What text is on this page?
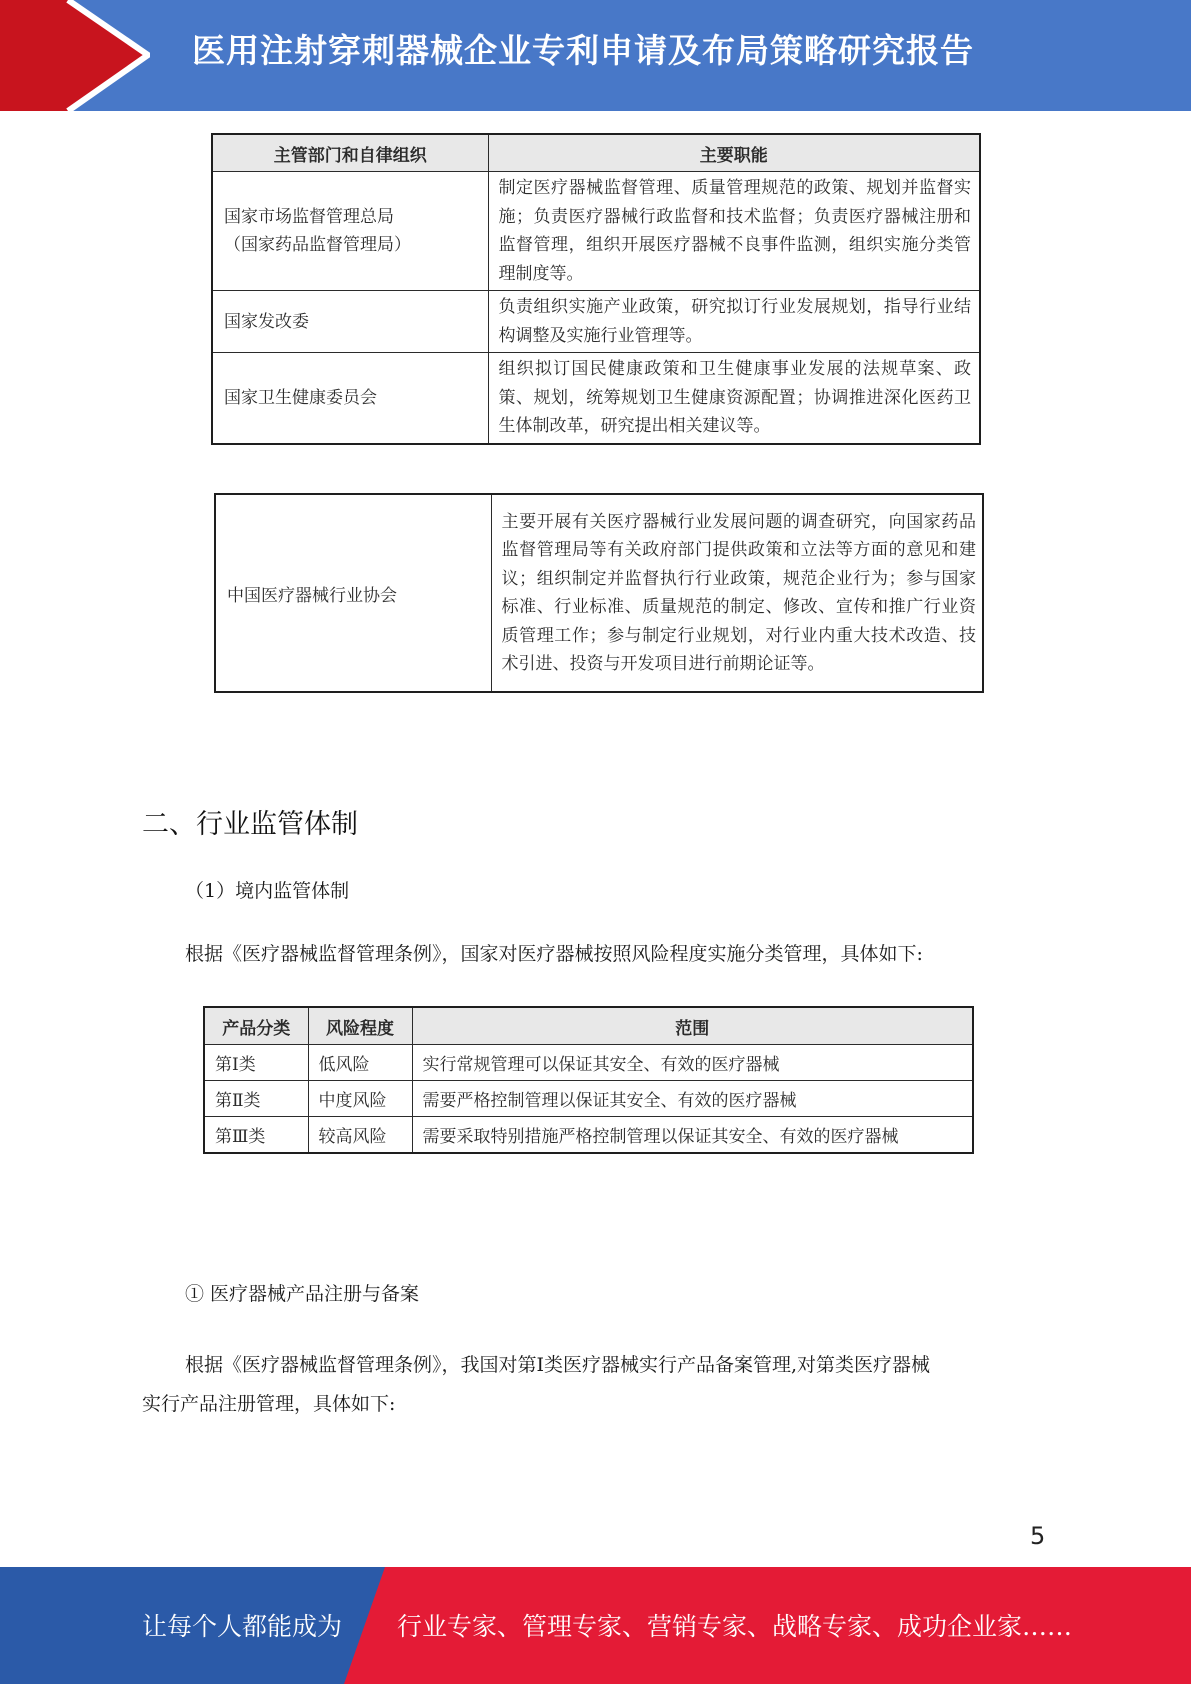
医用注射穿刺器械企业专利申请及布局策略研究报告
主管部门和自律组织	主要职能

国家市场监督管理总局
（国家药品监督管理局）	制定医疗器械监督管理、质量管理规范的政策、规划并监督实施；负责医疗器械行政监督和技术监督；负责医疗器械注册和监督管理，组织开展医疗器械不良事件监测，组织实施分类管理制度等。
国家发改委	负责组织实施产业政策，研究拟订行业发展规划，指导行业结构调整及实施行业管理等。
国家卫生健康委员会	组织拟订国民健康政策和卫生健康事业发展的法规草案、政策、规划，统筹规划卫生健康资源配置；协调推进深化医药卫生体制改革，研究提出相关建议等。
中国医疗器械行业协会	主要开展有关医疗器械行业发展问题的调查研究，向国家药品监督管理局等有关政府部门提供政策和立法等方面的意见和建议；组织制定并监督执行行业政策，规范企业行为；参与国家标准、行业标准、质量规范的制定、修改、宣传和推广行业资质管理工作；参与制定行业规划，对行业内重大技术改造、技术引进、投资与开发项目进行前期论证等。
二、行业监管体制
（1）境内监管体制
根据《医疗器械监督管理条例》，国家对医疗器械按照风险程度实施分类管理，具体如下:
产品分类	风险程度	范围
第Ⅰ类	低风险	实行常规管理可以保证其安全、有效的医疗器械
第Ⅱ类	中度风险	需要严格控制管理以保证其安全、有效的医疗器械
第Ⅲ类	较高风险	需要采取特别措施严格控制管理以保证其安全、有效的医疗器械
① 医疗器械产品注册与备案
根据《医疗器械监督管理条例》，我国对第Ⅰ类医疗器械实行产品备案管理,对第类医疗器械
实行产品注册管理，具体如下:
5
让每个人都能成为 行业专家、管理专家、营销专家、战略专家、成功企业家……
